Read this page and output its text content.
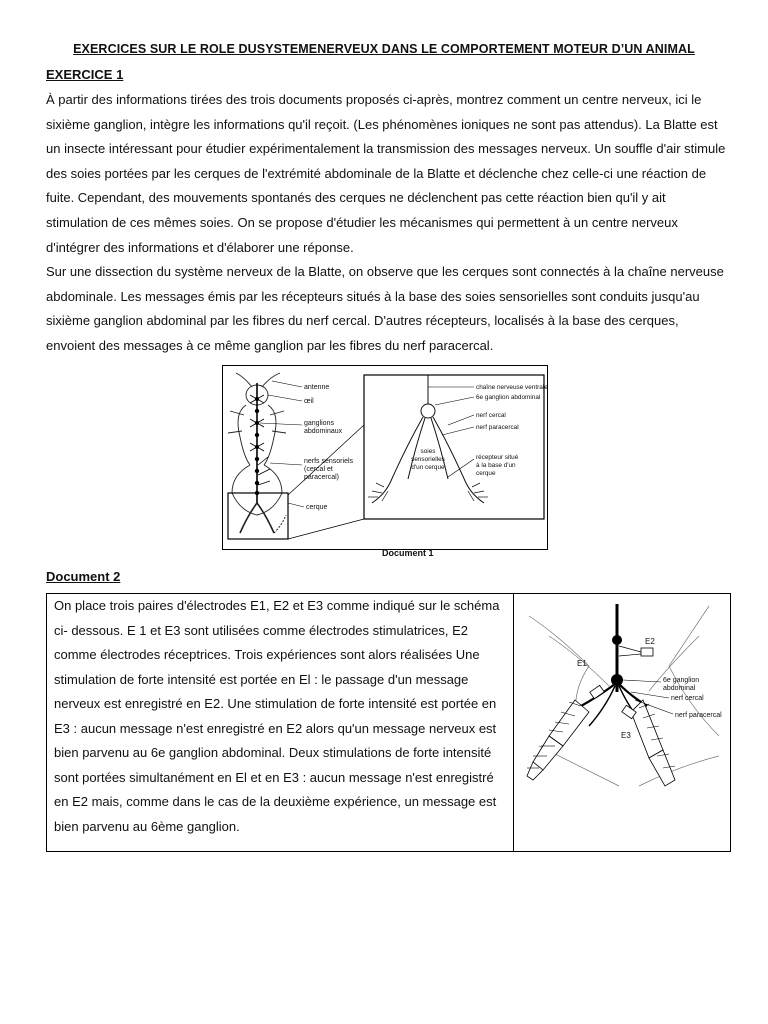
EXERCICES SUR LE ROLE DUSYSTEMENERVEUX DANS LE COMPORTEMENT MOTEUR D’UN ANIMAL
EXERCICE 1

À partir des informations tirées des trois documents proposés ci-après, montrez comment un centre nerveux, ici le sixième ganglion, intègre les informations qu'il reçoit. (Les phénomènes ioniques ne sont pas attendus). La Blatte est un insecte intéressant pour étudier expérimentalement la transmission des messages nerveux. Un souffle d'air stimule des soies portées par les cerques de l'extrémité abdominale de la Blatte et déclenche chez celle-ci une réaction de fuite. Cependant, des mouvements spontanés des cerques ne déclenchent pas cette réaction bien qu'il y ait stimulation de ces mêmes soies. On se propose d'étudier les mécanismes qui permettent à un centre nerveux d'intégrer des informations et d'élaborer une réponse.

Sur une dissection du système nerveux de la Blatte, on observe que les cerques sont connectés à la chaîne nerveuse abdominale. Les messages émis par les récepteurs situés à la base des soies sensorielles sont conduits jusqu'au sixième ganglion abdominal par les fibres du nerf cercal. D'autres récepteurs, localisés à la base des cerques, envoient des messages à ce même ganglion par les fibres du nerf paracercal.

antenne
œil
ganglions
abdominaux
nerfs sensoriels
(cercal et
paracercal)
cerque
chaîne nerveuse ventrale
6e ganglion abdominal
nerf cercal
nerf paracercal
récepteur situé
à la base d'un
cerque
soies
sensorielles
d'un cerque
Document 1
Document 2

On place trois paires d'électrodes E1, E2 et E3 comme indiqué sur le schéma ci- dessous. E 1 et E3 sont utilisées comme électrodes stimulatrices, E2 comme électrodes réceptrices. Trois expériences sont alors réalisées Une stimulation de forte intensité est portée en El : le passage d'un message nerveux est enregistré en E2. Une stimulation de forte intensité est portée en E3 : aucun message n'est enregistré en E2 alors qu'un message nerveux est bien parvenu au 6e ganglion abdominal. Deux stimulations de forte intensité sont portées simultanément en El et en E3 : aucun message n'est enregistré en E2 mais, comme dans le cas de la deuxième expérience, un message est bien parvenu au 6ème ganglion.

E2
E1
E3
6e ganglion
abdominal
nerf cercal
nerf paracercal
